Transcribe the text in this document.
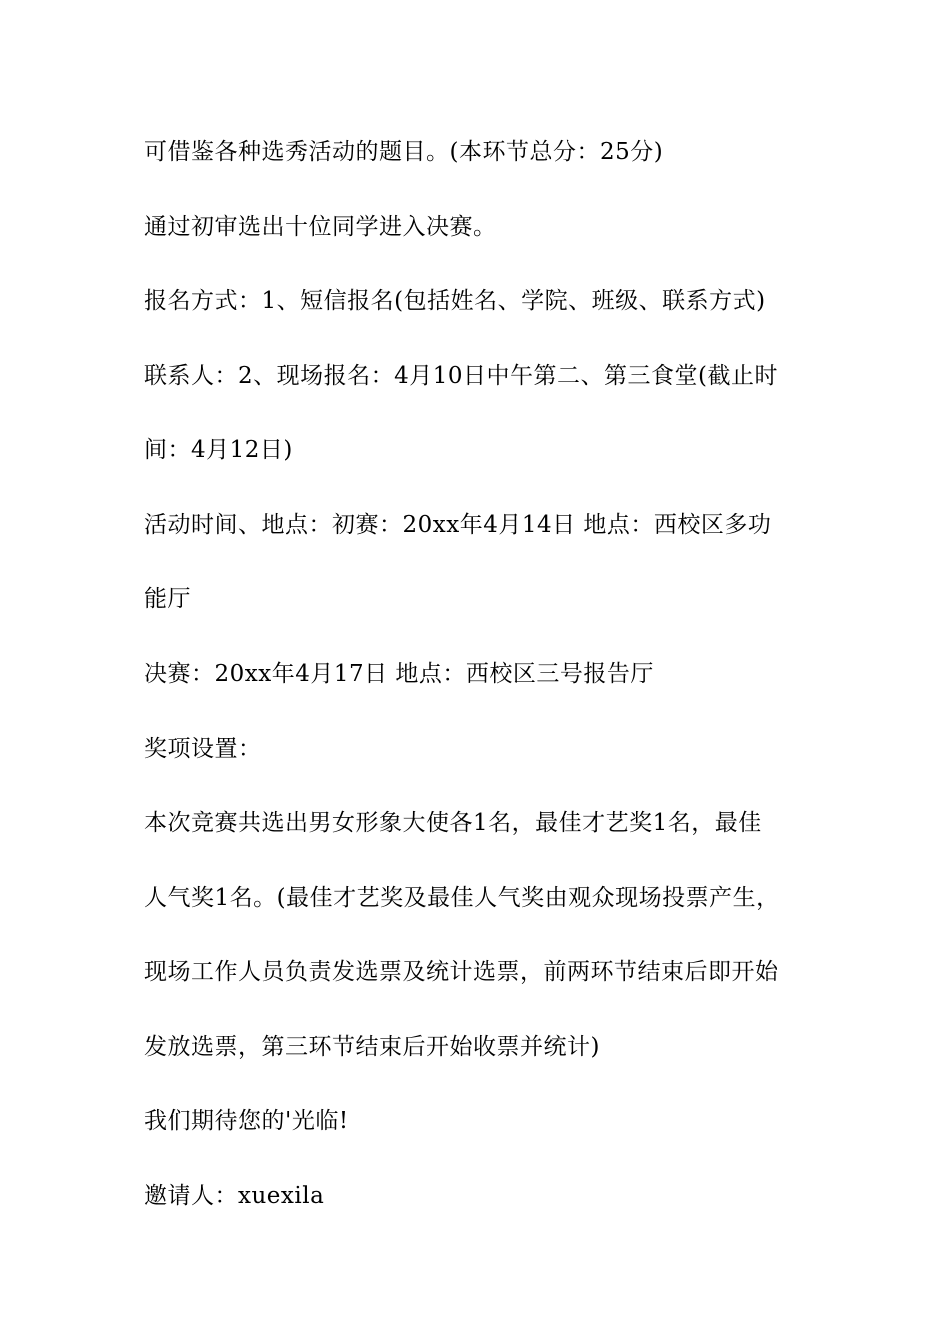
可借鉴各种选秀活动的题目。(本环节总分：25分)
通过初审选出十位同学进入决赛。
报名方式：1、短信报名(包括姓名、学院、班级、联系方式)
联系人：2、现场报名：4月10日中午第二、第三食堂(截止时
间：4月12日)
活动时间、地点：初赛：20xx年4月14日 地点：西校区多功
能厅
决赛：20xx年4月17日 地点：西校区三号报告厅
奖项设置：
本次竞赛共选出男女形象大使各1名，最佳才艺奖1名，最佳
人气奖1名。(最佳才艺奖及最佳人气奖由观众现场投票产生，
现场工作人员负责发选票及统计选票，前两环节结束后即开始
发放选票，第三环节结束后开始收票并统计)
我们期待您的'光临!
邀请人：xuexila
